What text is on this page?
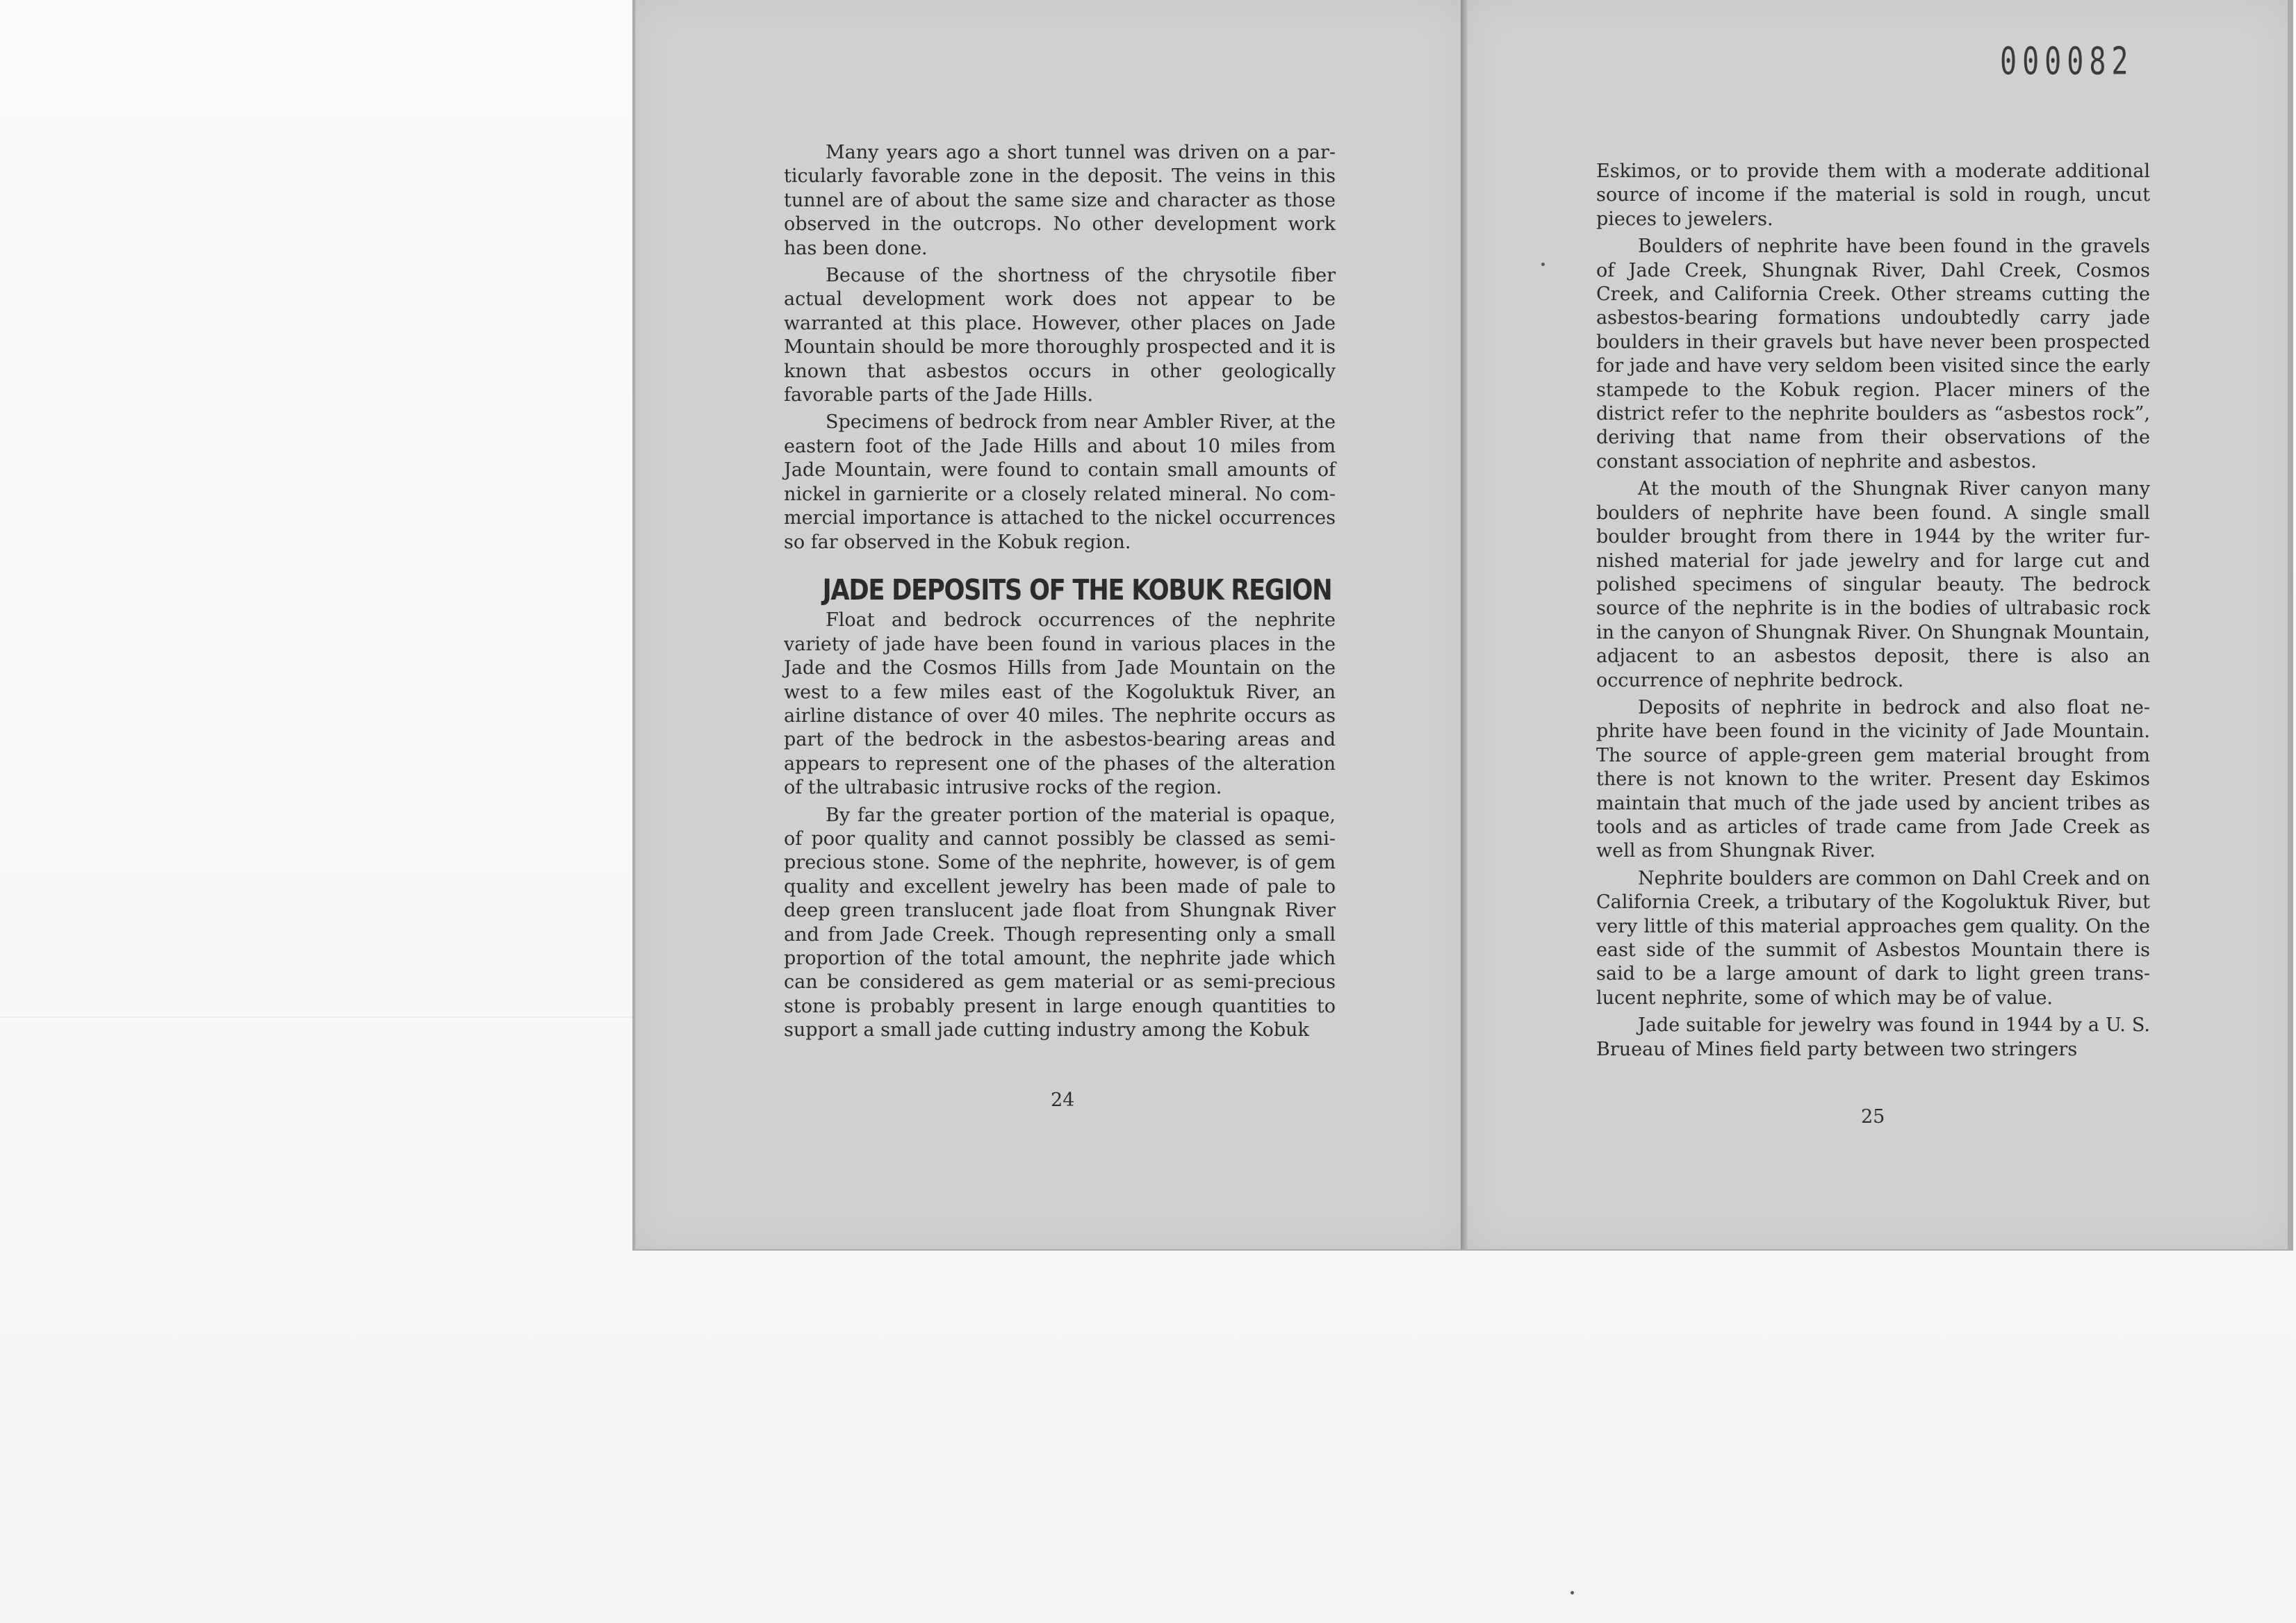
000082

Many years ago a short tunnel was driven on a particularly favorable zone in the deposit. The veins in this tunnel are of about the same size and character as those observed in the outcrops. No other development work has been done.

Because of the shortness of the chrysotile fiber actual development work does not appear to be warranted at this place. However, other places on Jade Mountain should be more thoroughly prospected and it is known that asbestos occurs in other geologically favorable parts of the Jade Hills.

Specimens of bedrock from near Ambler River, at the eastern foot of the Jade Hills and about 10 miles from Jade Mountain, were found to contain small amounts of nickel in garnierite or a closely related mineral. No commercial importance is attached to the nickel occurrences so far observed in the Kobuk region.

JADE DEPOSITS OF THE KOBUK REGION

Float and bedrock occurrences of the nephrite variety of jade have been found in various places in the Jade and the Cosmos Hills from Jade Mountain on the west to a few miles east of the Kogoluktuk River, an airline distance of over 40 miles. The nephrite occurs as part of the bedrock in the asbestos-bearing areas and appears to represent one of the phases of the alteration of the ultrabasic intrusive rocks of the region.

By far the greater portion of the material is opaque, of poor quality and cannot possibly be classed as semiprecious stone. Some of the nephrite, however, is of gem quality and excellent jewelry has been made of pale to deep green translucent jade float from Shungnak River and from Jade Creek. Though representing only a small proportion of the total amount, the nephrite jade which can be considered as gem material or as semi-precious stone is probably present in large enough quantities to support a small jade cutting industry among the Kobuk

24

Eskimos, or to provide them with a moderate additional source of income if the material is sold in rough, uncut pieces to jewelers.

Boulders of nephrite have been found in the gravels of Jade Creek, Shungnak River, Dahl Creek, Cosmos Creek, and California Creek. Other streams cutting the asbestos-bearing formations undoubtedly carry jade boulders in their gravels but have never been prospected for jade and have very seldom been visited since the early stampede to the Kobuk region. Placer miners of the district refer to the nephrite boulders as “asbestos rock”, deriving that name from their observations of the constant association of nephrite and asbestos.

At the mouth of the Shungnak River canyon many boulders of nephrite have been found. A single small boulder brought from there in 1944 by the writer furnished material for jade jewelry and for large cut and polished specimens of singular beauty. The bedrock source of the nephrite is in the bodies of ultrabasic rock in the canyon of Shungnak River. On Shungnak Mountain, adjacent to an asbestos deposit, there is also an occurrence of nephrite bedrock.

Deposits of nephrite in bedrock and also float nephrite have been found in the vicinity of Jade Mountain. The source of apple-green gem material brought from there is not known to the writer. Present day Eskimos maintain that much of the jade used by ancient tribes as tools and as articles of trade came from Jade Creek as well as from Shungnak River.

Nephrite boulders are common on Dahl Creek and on California Creek, a tributary of the Kogoluktuk River, but very little of this material approaches gem quality. On the east side of the summit of Asbestos Mountain there is said to be a large amount of dark to light green translucent nephrite, some of which may be of value.

Jade suitable for jewelry was found in 1944 by a U. S. Brueau of Mines field party between two stringers

25
